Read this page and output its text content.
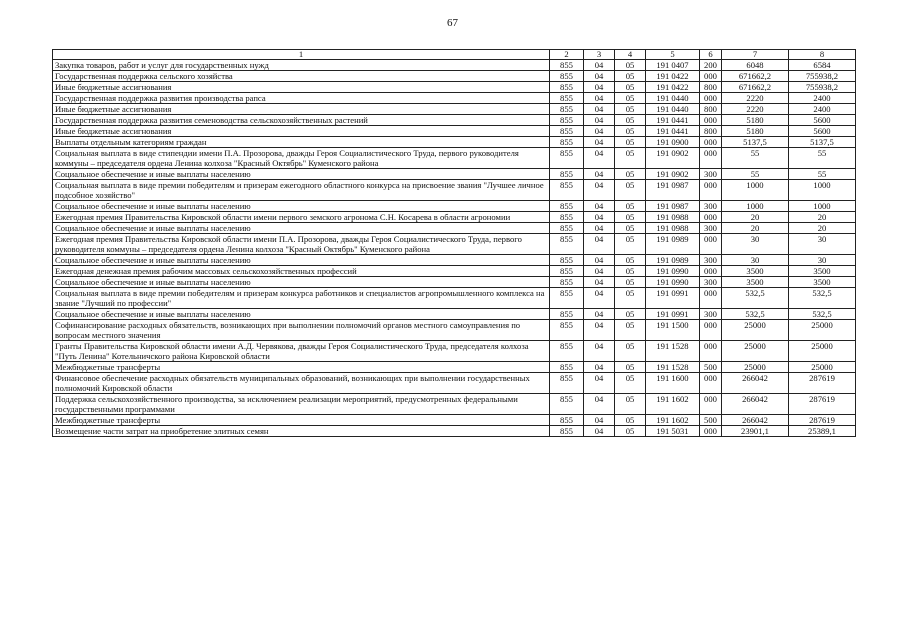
67
1	2	3	4	5	6	7	8
Закупка товаров, работ и услуг для государственных нужд	855	04	05	191 0407	200	6048	6584
Государственная поддержка сельского хозяйства	855	04	05	191 0422	000	671662,2	755938,2
Иные бюджетные ассигнования	855	04	05	191 0422	800	671662,2	755938,2
Государственная поддержка развития производства рапса	855	04	05	191 0440	000	2220	2400
Иные бюджетные ассигнования	855	04	05	191 0440	800	2220	2400
Государственная поддержка развития семеноводства сельскохозяйственных растений	855	04	05	191 0441	000	5180	5600
Иные бюджетные ассигнования	855	04	05	191 0441	800	5180	5600
Выплаты отдельным категориям граждан	855	04	05	191 0900	000	5137,5	5137,5
Социальная выплата в виде стипендии имени П.А. Прозорова, дважды Героя Социалистического Труда, первого руководителя коммуны – председателя ордена Ленина колхоза "Красный Октябрь" Куменского района	855	04	05	191 0902	000	55	55
Социальное обеспечение и иные выплаты населению	855	04	05	191 0902	300	55	55
Социальная выплата в виде премии победителям и призерам ежегодного областного конкурса на присвоение звания "Лучшее личное подсобное хозяйство"	855	04	05	191 0987	000	1000	1000
Социальное обеспечение и иные выплаты населению	855	04	05	191 0987	300	1000	1000
Ежегодная премия Правительства Кировской области имени первого земского агронома С.Н. Косарева в области агрономии	855	04	05	191 0988	000	20	20
Социальное обеспечение и иные выплаты населению	855	04	05	191 0988	300	20	20
Ежегодная премия Правительства Кировской области имени П.А. Прозорова, дважды Героя Социалистического Труда, первого руководителя коммуны – председателя ордена Ленина колхоза "Красный Октябрь" Куменского района	855	04	05	191 0989	000	30	30
Социальное обеспечение и иные выплаты населению	855	04	05	191 0989	300	30	30
Ежегодная денежная премия рабочим массовых сельскохозяйственных профессий	855	04	05	191 0990	000	3500	3500
Социальное обеспечение и иные выплаты населению	855	04	05	191 0990	300	3500	3500
Социальная выплата в виде премии победителям и призерам конкурса работников и специалистов агропромышленного комплекса на звание "Лучший по профессии"	855	04	05	191 0991	000	532,5	532,5
Социальное обеспечение и иные выплаты населению	855	04	05	191 0991	300	532,5	532,5
Софинансирование расходных обязательств, возникающих при выполнении полномочий органов местного самоуправления по вопросам местного значения	855	04	05	191 1500	000	25000	25000
Гранты Правительства Кировской области имени А.Д. Червякова, дважды Героя Социалистического Труда, председателя колхоза "Путь Ленина" Котельничского района Кировской области	855	04	05	191 1528	000	25000	25000
Межбюджетные трансферты	855	04	05	191 1528	500	25000	25000
Финансовое обеспечение расходных обязательств муниципальных образований, возникающих при выполнении государственных полномочий Кировской области	855	04	05	191 1600	000	266042	287619
Поддержка сельскохозяйственного производства, за исключением реализации мероприятий, предусмотренных федеральными государственными программами	855	04	05	191 1602	000	266042	287619
Межбюджетные трансферты	855	04	05	191 1602	500	266042	287619
Возмещение части затрат на приобретение элитных семян	855	04	05	191 5031	000	23901,1	25389,1
